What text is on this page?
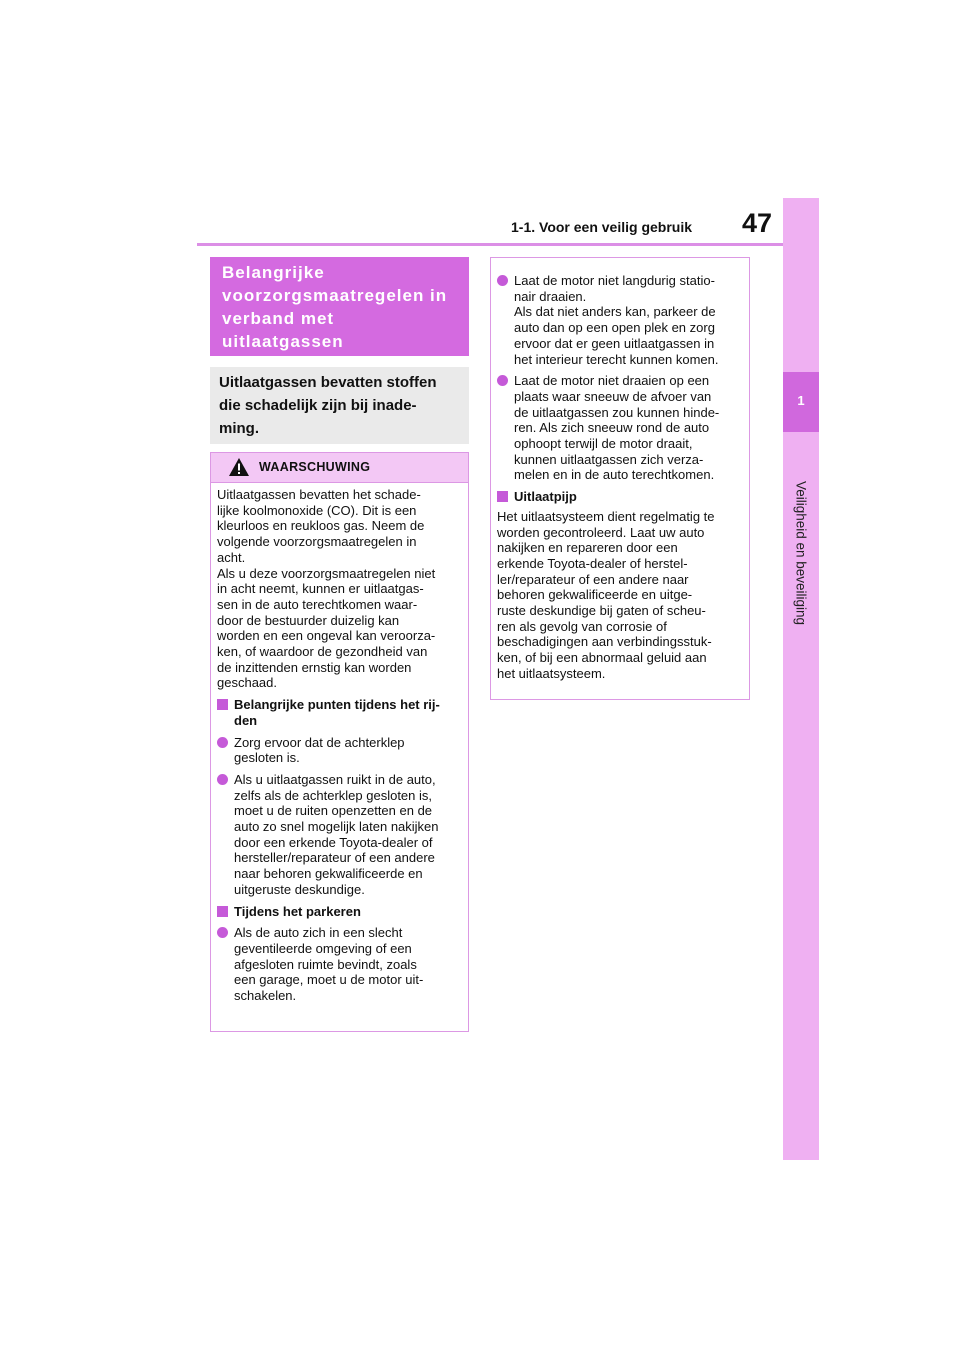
1-1. Voor een veilig gebruik 47
1
Veiligheid en beveiliging
Belangrijke
voorzorgsmaatregelen in
verband met
uitlaatgassen
Uitlaatgassen bevatten stoffen
die schadelijk zijn bij inade-
ming.
WAARSCHUWING
Uitlaatgassen bevatten het schade-
lijke koolmonoxide (CO). Dit is een
kleurloos en reukloos gas. Neem de
volgende voorzorgsmaatregelen in
acht.
Als u deze voorzorgsmaatregelen niet
in acht neemt, kunnen er uitlaatgas-
sen in de auto terechtkomen waar-
door de bestuurder duizelig kan
worden en een ongeval kan veroorza-
ken, of waardoor de gezondheid van
de inzittenden ernstig kan worden
geschaad.
Belangrijke punten tijdens het rij-
den
Zorg ervoor dat de achterklep
gesloten is.
Als u uitlaatgassen ruikt in de auto,
zelfs als de achterklep gesloten is,
moet u de ruiten openzetten en de
auto zo snel mogelijk laten nakijken
door een erkende Toyota-dealer of
hersteller/reparateur of een andere
naar behoren gekwalificeerde en
uitgeruste deskundige.
Tijdens het parkeren
Als de auto zich in een slecht
geventileerde omgeving of een
afgesloten ruimte bevindt, zoals
een garage, moet u de motor uit-
schakelen.
Laat de motor niet langdurig statio-
nair draaien.
Als dat niet anders kan, parkeer de
auto dan op een open plek en zorg
ervoor dat er geen uitlaatgassen in
het interieur terecht kunnen komen.
Laat de motor niet draaien op een
plaats waar sneeuw de afvoer van
de uitlaatgassen zou kunnen hinde-
ren. Als zich sneeuw rond de auto
ophoopt terwijl de motor draait,
kunnen uitlaatgassen zich verza-
melen en in de auto terechtkomen.
Uitlaatpijp
Het uitlaatsysteem dient regelmatig te
worden gecontroleerd. Laat uw auto
nakijken en repareren door een
erkende Toyota-dealer of herstel-
ler/reparateur of een andere naar
behoren gekwalificeerde en uitge-
ruste deskundige bij gaten of scheu-
ren als gevolg van corrosie of
beschadigingen aan verbindingsstuk-
ken, of bij een abnormaal geluid aan
het uitlaatsysteem.
